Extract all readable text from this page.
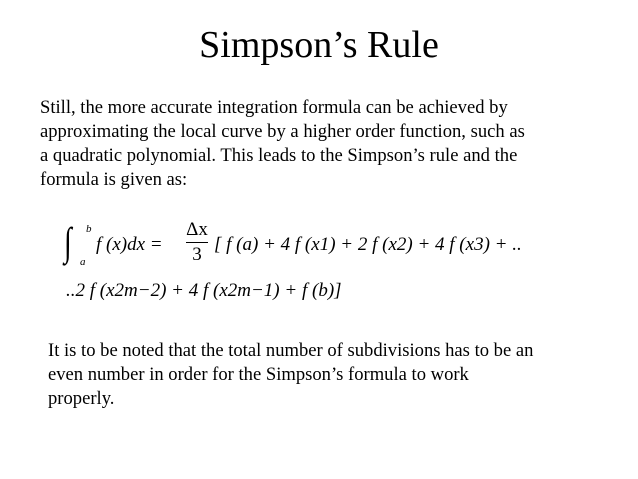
Simpson’s Rule

Still, the more accurate integration formula can be achieved by
approximating the local curve by a higher order function, such as
a quadratic polynomial. This leads to the Simpson’s rule and the
formula is given as:

∫ b
a
f $(x)dx = \frac{\Delta x}{3}$ [ f (a) + 4 f (x1) + 2 f (x2) + 4 f (x3) + ..
..2 f (x2m−2) + 4 f (x2m−1) + f (b)]

It is to be noted that the total number of subdivisions has to be an
even number in order for the Simpson’s formula to work
properly.
